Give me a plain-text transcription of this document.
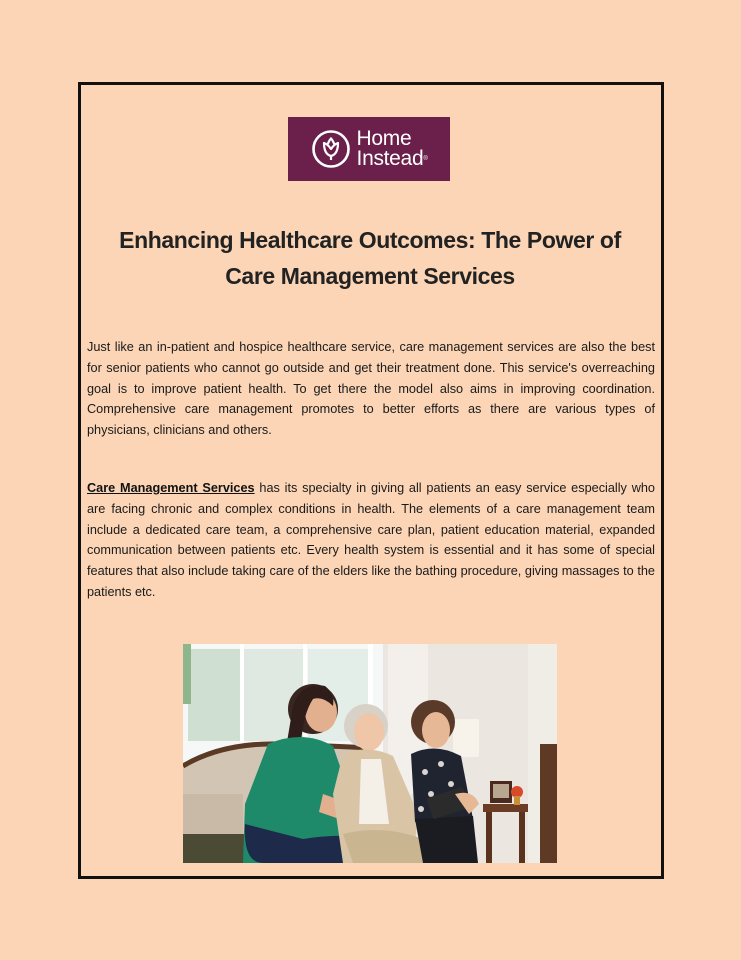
Home
Instead®
Enhancing Healthcare Outcomes: The Power of
Care Management Services

Just like an in-patient and hospice healthcare service, care management services are also the best for senior patients who cannot go outside and get their treatment done. This service's overreaching goal is to improve patient health. To get there the model also aims in improving coordination. Comprehensive care management promotes to better efforts as there are various types of physicians, clinicians and others.

Care Management Services has its specialty in giving all patients an easy service especially who are facing chronic and complex conditions in health. The elements of a care management team include a dedicated care team, a comprehensive care plan, patient education material, expanded communication between patients etc. Every health system is essential and it has some of special features that also include taking care of the elders like the bathing procedure, giving massages to the patients etc.
